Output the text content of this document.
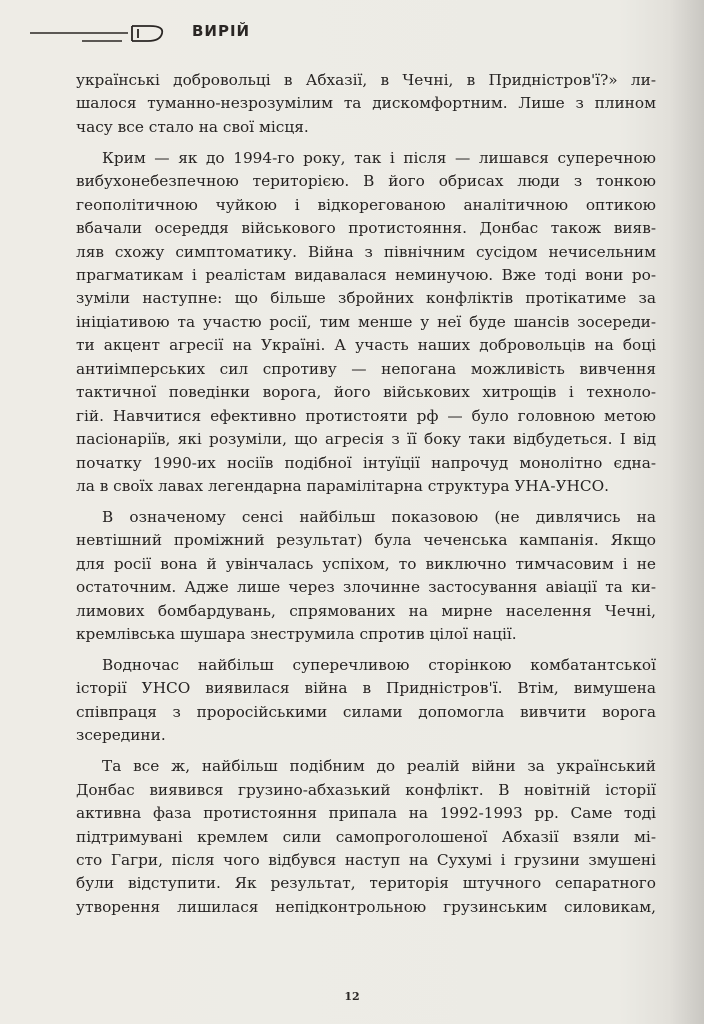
ВИРІЙ
українські добровольці в Абхазії, в Чечні, в Придністров'ї?» ли-
шалося туманно-незрозумілим та дискомфортним. Лише з плином
часу все стало на свої місця.
Крим — як до 1994-го року, так і після — лишався суперечною
вибухонебезпечною територією. В його обрисах люди з тонкою
геополітичною чуйкою і відкорегованою аналітичною оптикою
вбачали осереддя військового протистояння. Донбас також вияв-
ляв схожу симптоматику. Війна з північним сусідом нечисельним
прагматикам і реалістам видавалася неминучою. Вже тоді вони ро-
зуміли наступне: що більше збройних конфліктів протікатиме за
ініціативою та участю росії, тим менше у неї буде шансів зосереди-
ти акцент агресії на Україні. А участь наших добровольців на боці
антиімперських сил спротиву — непогана можливість вивчення
тактичної поведінки ворога, його військових хитрощів і техноло-
гій. Навчитися ефективно протистояти рф — було головною метою
пасіонаріїв, які розуміли, що агресія з її боку таки відбудеться. І від
початку 1990-их носіїв подібної інтуїції напрочуд монолітно єдна-
ла в своїх лавах легендарна парамілітарна структура УНА-УНСО.
В означеному сенсі найбільш показовою (не дивлячись на
невтішний проміжний результат) була чеченська кампанія. Якщо
для росії вона й увінчалась успіхом, то виключно тимчасовим і не
остаточним. Адже лише через злочинне застосування авіації та ки-
лимових бомбардувань, спрямованих на мирне населення Чечні,
кремлівська шушара знеструмила спротив цілої нації.
Водночас найбільш суперечливою сторінкою комбатантської
історії УНСО виявилася війна в Придністров'ї. Втім, вимушена
співпраця з проросійськими силами допомогла вивчити ворога
зсередини.
Та все ж, найбільш подібним до реалій війни за український
Донбас виявився грузино-абхазький конфлікт. В новітній історії
активна фаза протистояння припала на 1992-1993 рр. Саме тоді
підтримувані кремлем сили самопроголошеної Абхазії взяли мі-
сто Гагри, після чого відбувся наступ на Сухумі і грузини змушені
були відступити. Як результат, територія штучного сепаратного
утворення лишилася непідконтрольною грузинським силовикам,
12
